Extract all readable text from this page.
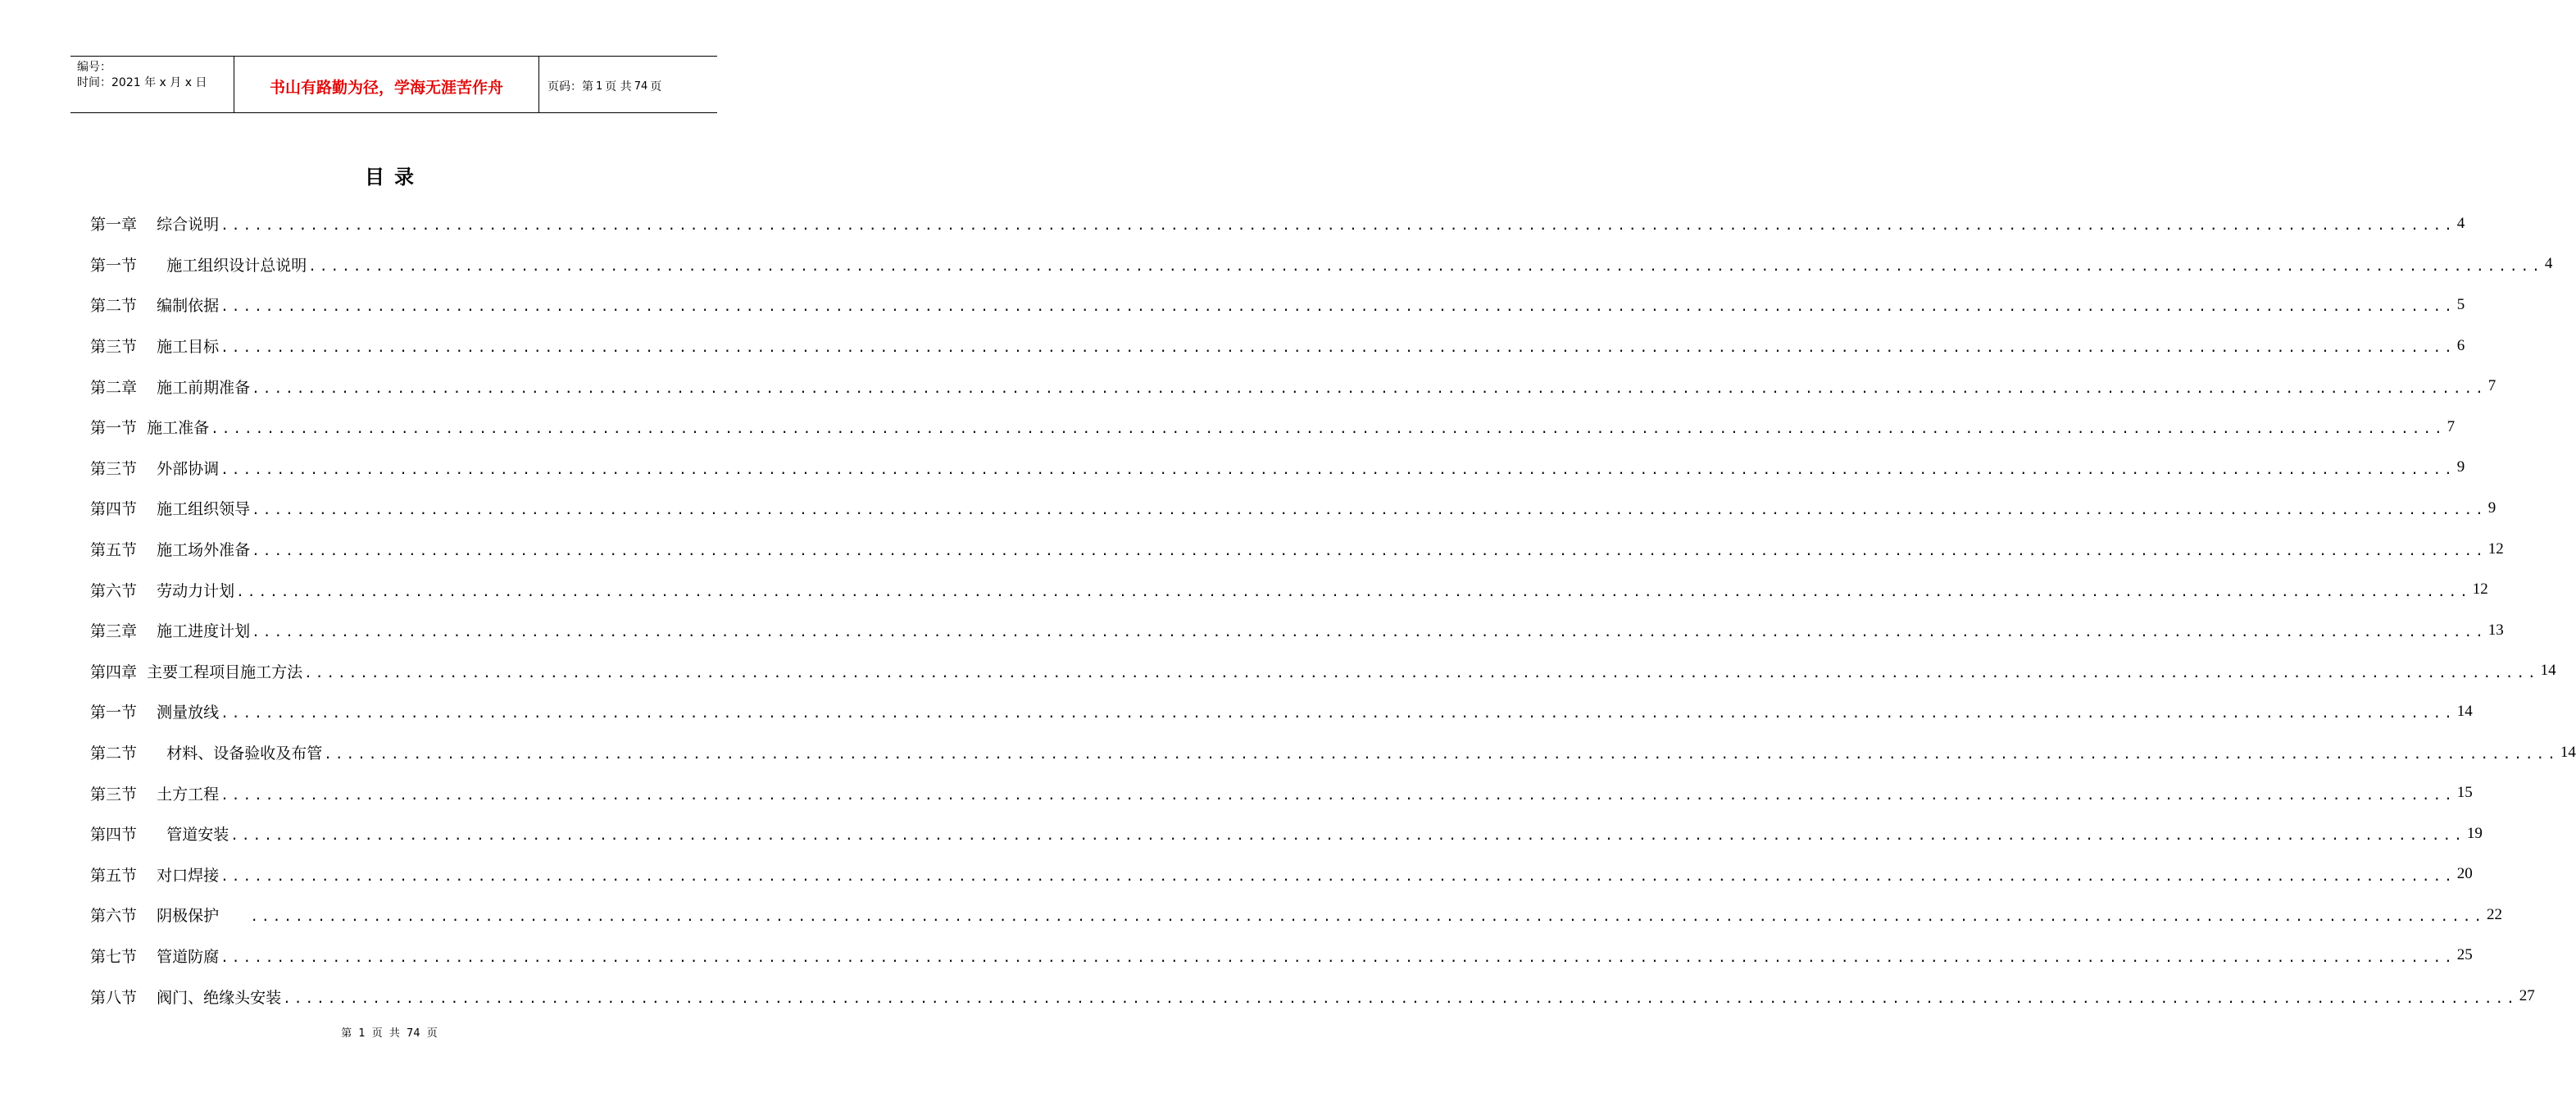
编号：
时间：2021 年 x 月 x 日	书山有路勤为径，学海无涯苦作舟	页码：第 1 页 共 74 页
目录
第一章    综合说明 ........................................................................................................................................................................................................ 4
第一节      施工组织设计总说明 ........................................................................................................................................................................................................ 4
第二节    编制依据 ........................................................................................................................................................................................................ 5
第三节    施工目标 ........................................................................................................................................................................................................ 6
第二章    施工前期准备 ........................................................................................................................................................................................................ 7
第一节  施工准备 ........................................................................................................................................................................................................ 7
第三节    外部协调 ........................................................................................................................................................................................................ 9
第四节    施工组织领导 ........................................................................................................................................................................................................ 9
第五节    施工场外准备 ........................................................................................................................................................................................................ 12
第六节    劳动力计划 ........................................................................................................................................................................................................ 12
第三章    施工进度计划 ........................................................................................................................................................................................................ 13
第四章  主要工程项目施工方法 ........................................................................................................................................................................................................ 14
第一节    测量放线 ........................................................................................................................................................................................................ 14
第二节      材料、设备验收及布管 ........................................................................................................................................................................................................ 14
第三节    土方工程 ........................................................................................................................................................................................................ 15
第四节      管道安装 ........................................................................................................................................................................................................ 19
第五节    对口焊接 ........................................................................................................................................................................................................ 20
第六节    阴极保护 ........................................................................................................................................................................................................ 22
第七节    管道防腐 ........................................................................................................................................................................................................ 25
第八节    阀门、绝缘头安装 ........................................................................................................................................................................................................ 27
第 1 页 共 74 页
